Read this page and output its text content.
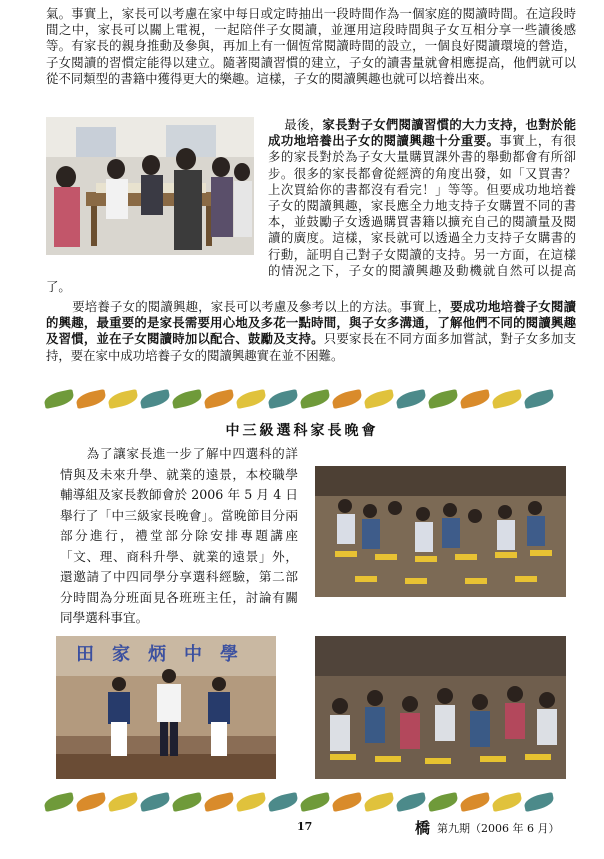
氣。事實上，家長可以考慮在家中每日或定時抽出一段時間作為一個家庭的閱讀時間。在這段時間之中，家長可以關上電視，一起陪伴子女閱讀，並運用這段時間與子女互相分享一些讀後感等。有家長的親身推動及參與，再加上有一個恆常閱讀時間的設立，一個良好閱讀環境的營造，子女閱讀的習慣定能得以建立。隨著閱讀習慣的建立，子女的讀書量就會相應提高，他們就可以從不同類型的書籍中獲得更大的樂趣。這樣，子女的閱讀興趣也就可以培養出來。

最後，家長對子女們閱讀習慣的大力支持，也對於能成功地培養出子女的閱讀興趣十分重要。事實上，有很多的家長對於為子女大量購買課外書的舉動都會有所卻步。很多的家長都會從經濟的角度出發，如「又買書？上次買給你的書都沒有看完！」等等。但要成功地培養子女的閱讀興趣，家長應全力地支持子女購置不同的書本，並鼓勵子女透過購買書籍以擴充自己的閱讀量及閱讀的廣度。這樣，家長就可以透過全力支持子女購書的行動，証明自己對子女閱讀的支持。另一方面，在這樣的情況之下，子女的閱讀興趣及動機就自然可以提高了。

要培養子女的閱讀興趣，家長可以考慮及參考以上的方法。事實上，要成功地培養子女閱讀的興趣，最重要的是家長需要用心地及多花一點時間，與子女多溝通，了解他們不同的閱讀興趣及習慣，並在子女閱讀時加以配合、鼓勵及支持。只要家長在不同方面多加嘗試，對子女多加支持，要在家中成功培養子女的閱讀興趣實在並不困難。

中三級選科家長晚會

為了讓家長進一步了解中四選科的詳情與及未來升學、就業的遠景，本校職學輔導組及家長教師會於 2006 年 5 月 4 日舉行了「中三級家長晚會」。當晚節目分兩部分進行，禮堂部分除安排專題講座「文、理、商科升學、就業的遠景」外，還邀請了中四同學分享選科經驗，第二部分時間為分班面見各班班主任，討論有關同學選科事宜。

田家炳中學
17	橋 第九期（2006 年 6 月）
